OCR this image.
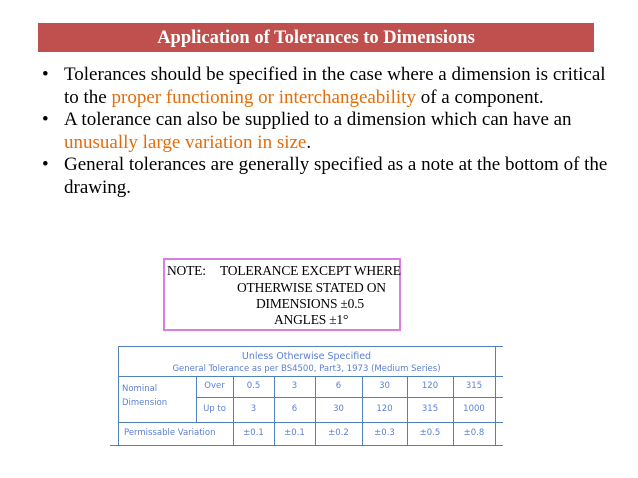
Application of Tolerances to Dimensions
• Tolerances should be specified in the case where a dimension is critical to the proper functioning or interchangeability of a component.
• A tolerance can also be supplied to a dimension which can have an unusually large variation in size.
• General tolerances are generally specified as a note at the bottom of the drawing.
NOTE: TOLERANCE EXCEPT WHERE
OTHERWISE STATED ON
DIMENSIONS ±0.5
ANGLES ±1°
Unless Otherwise Specified
General Tolerance as per BS4500, Part3, 1973 (Medium Series)
Nominal
Dimension
Over	0.5	3	6	30	120	315
Up to	3	6	30	120	315	1000
Permissable Variation	±0.1	±0.1	±0.2	±0.3	±0.5	±0.8
